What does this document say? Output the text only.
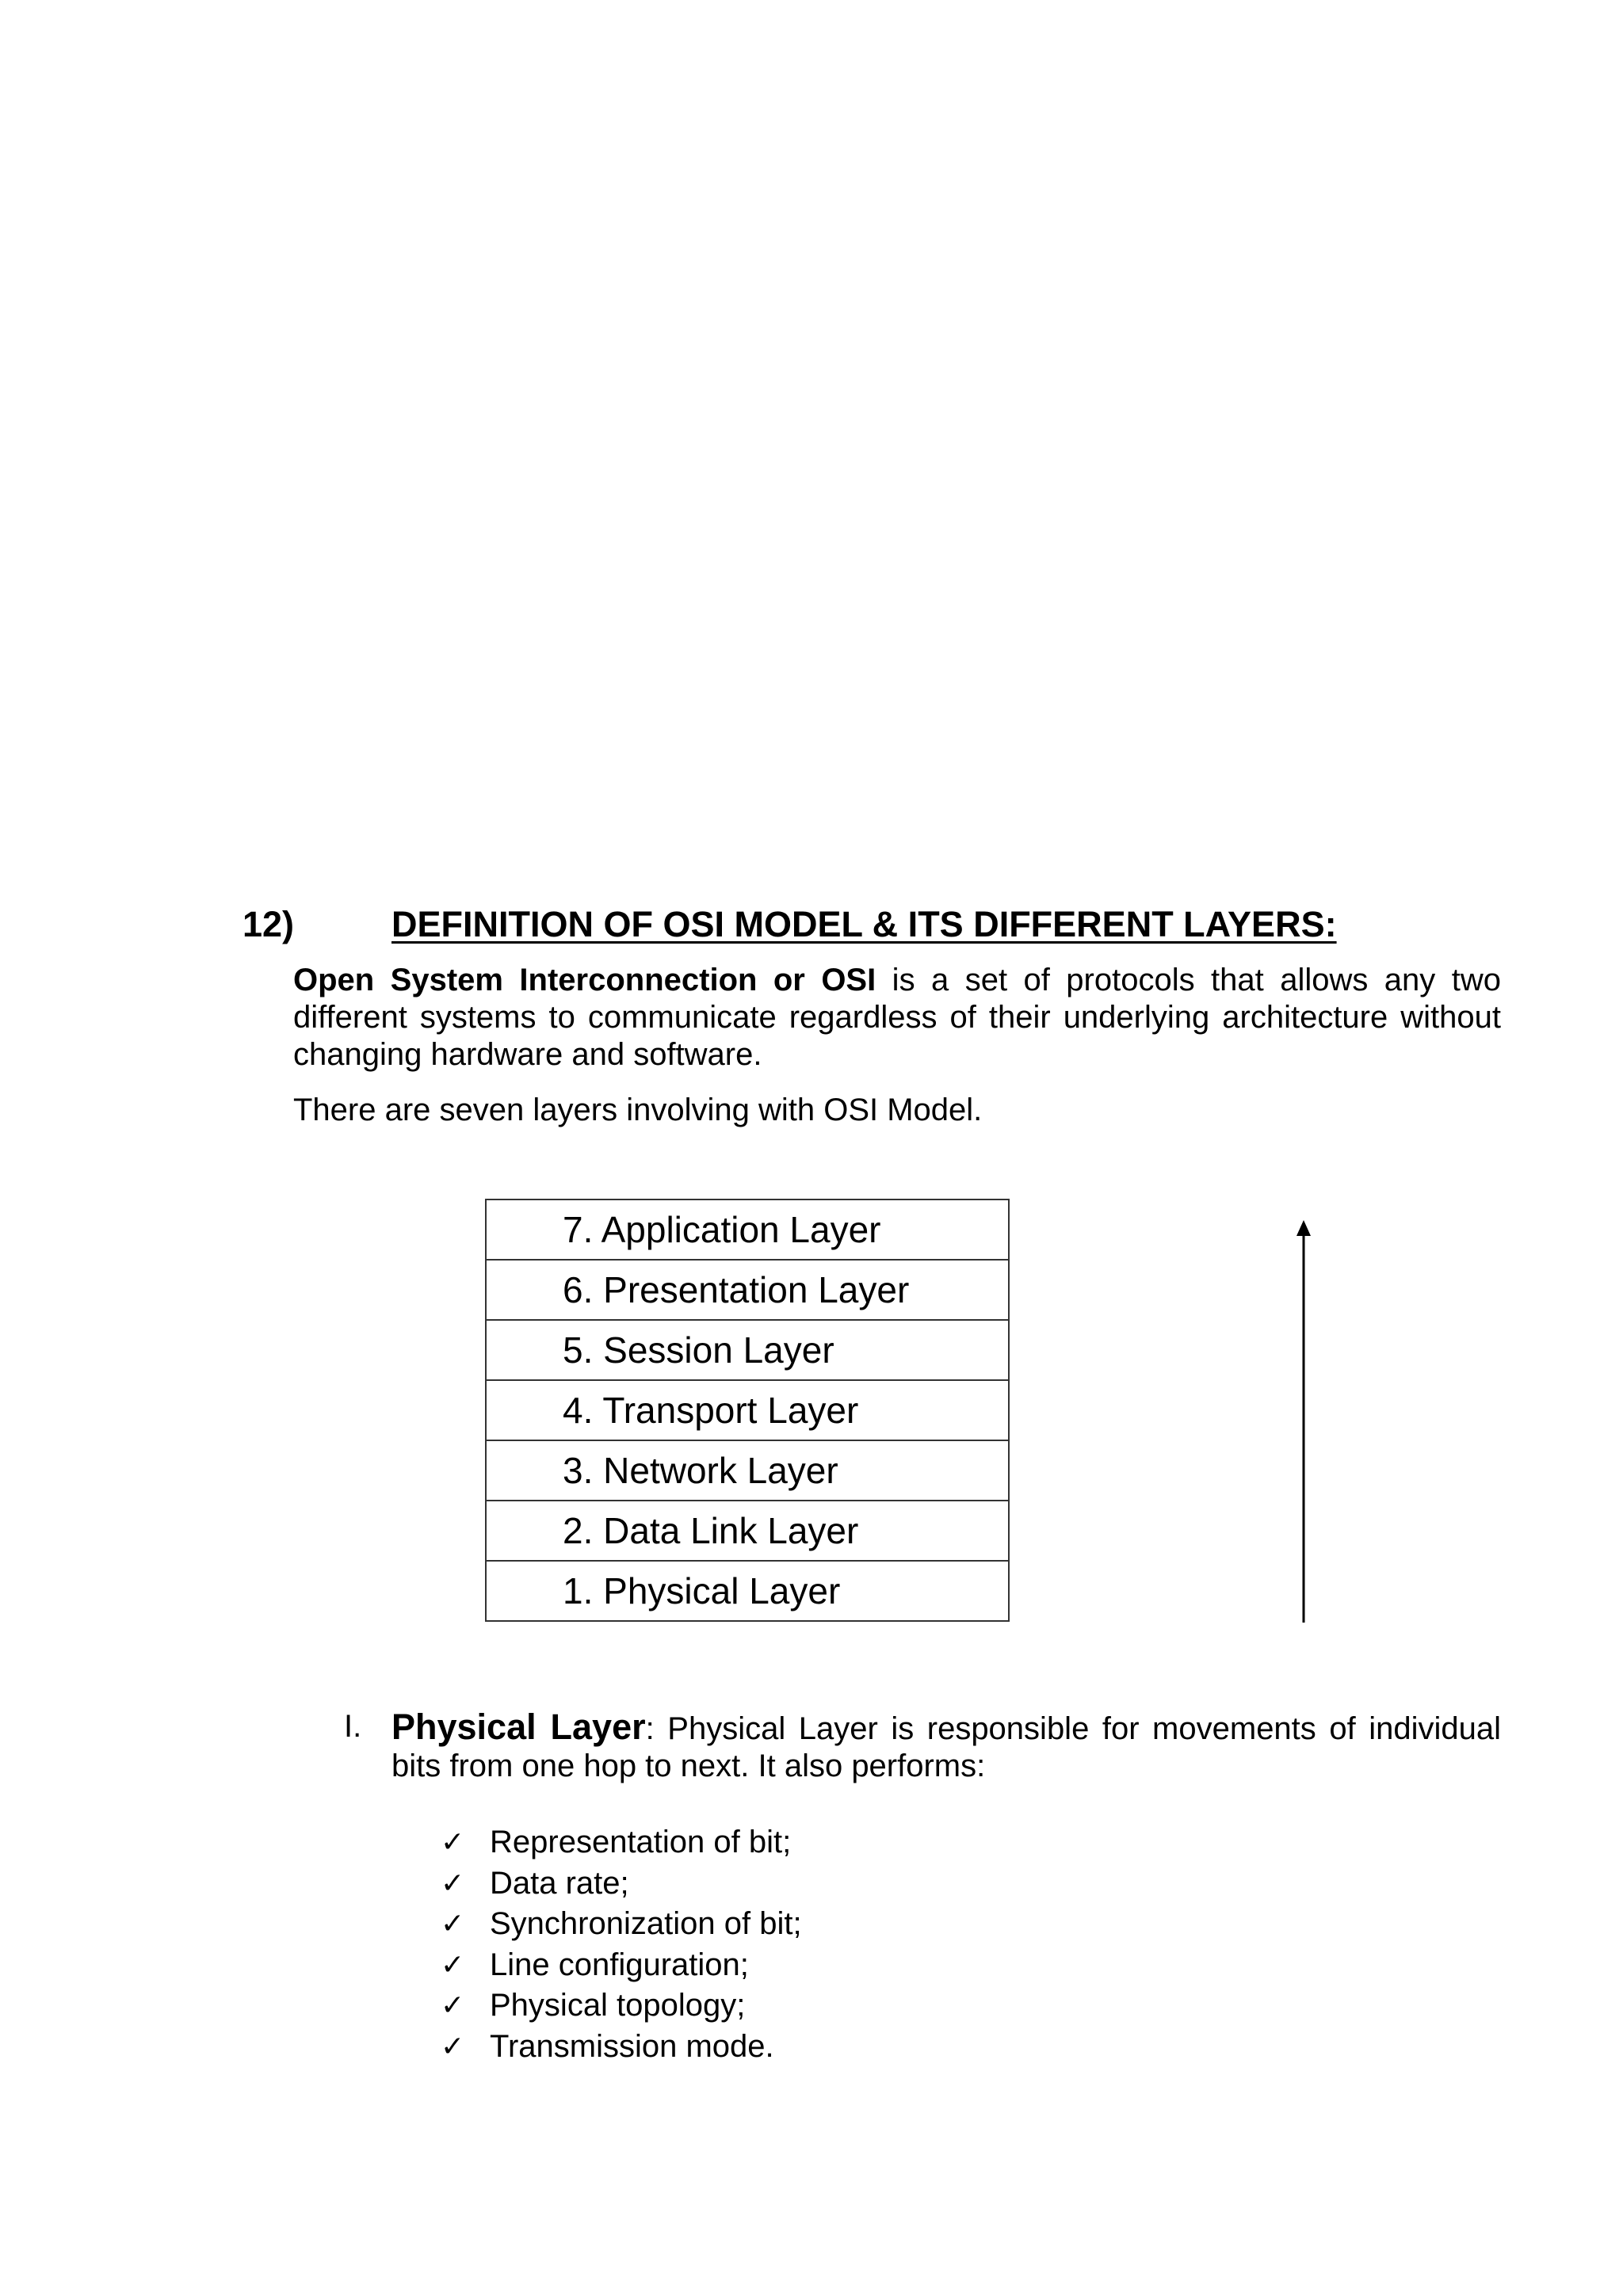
12)	DEFINITION OF OSI MODEL & ITS DIFFERENT LAYERS:

Open System Interconnection or OSI is a set of protocols that allows any two different systems to communicate regardless of their underlying architecture without changing hardware and software.

There are seven layers involving with OSI Model.

7. Application Layer
6. Presentation Layer
5. Session Layer
4. Transport Layer
3. Network Layer
2. Data Link Layer
1. Physical Layer
I. Physical Layer: Physical Layer is responsible for movements of individual bits from one hop to next. It also performs:

✓ Representation of bit;
✓ Data rate;
✓ Synchronization of bit;
✓ Line configuration;
✓ Physical topology;
✓ Transmission mode.
